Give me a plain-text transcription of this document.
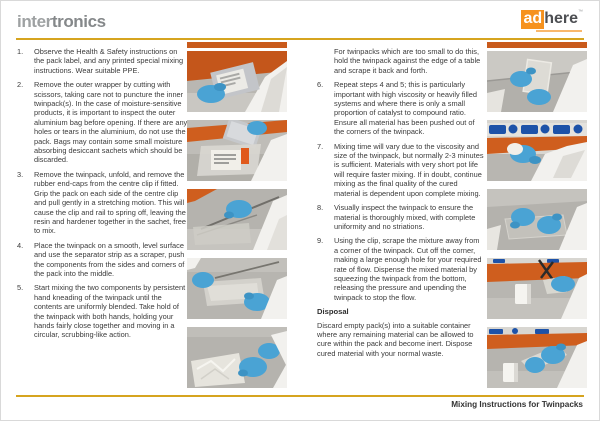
intertronics	ad here™
1.	Observe the Health & Safety instructions on the pack label, and any printed special mixing instructions. Wear suitable PPE.

2.	Remove the outer wrapper by cutting with scissors, taking care not to puncture the inner twinpack(s). In the case of moisture-sensitive products, it is important to inspect the outer aluminium bag before opening. If there are any holes or tears in the aluminium, do not use the pack. Bags may contain some small moisture absorbing desiccant sachets which should be discarded.

3.	Remove the twinpack, unfold, and remove the rubber end-caps from the centre clip if fitted. Grip the pack on each side of the centre clip and pull gently in a stretching motion. This will cause the clip and rail to spring off, leaving the resin and hardener together in the sachet, free to mix.

4.	Place the twinpack on a smooth, level surface and use the separator strip as a scraper, push the components from the sides and corners of the pack into the middle.

5.	Start mixing the two components by persistent hand kneading of the twinpack until the contents are uniformly blended. Take hold of the twinpack with both hands, holding your hands fairly close together and moving in a circular, scrubbing-like action.

For twinpacks which are too small to do this, hold the twinpack against the edge of a table and scrape it back and forth.

6.	Repeat steps 4 and 5; this is particularly important with high viscosity or heavily filled systems and where there is only a small proportion of catalyst to compound ratio. Ensure all material has been pushed out of the corners of the twinpack.

7.	Mixing time will vary due to the viscosity and size of the twinpack, but normally 2-3 minutes is sufficient. Materials with very short pot life will require faster mixing. If in doubt, continue mixing as the final quality of the cured material is dependent upon complete mixing.

8.	Visually inspect the twinpack to ensure the material is thoroughly mixed, with complete uniformity and no striations.

9.	Using the clip, scrape the mixture away from a corner of the twinpack. Cut off the corner, making a large enough hole for your required rate of flow. Dispense the mixed material by squeezing the twinpack from the bottom, releasing the pressure and upending the twinpack to stop the flow.

Disposal

Discard empty pack(s) into a suitable container where any remaining material can be allowed to cure within the pack and become inert. Dispose cured material with your normal waste.

Mixing Instructions for Twinpacks
